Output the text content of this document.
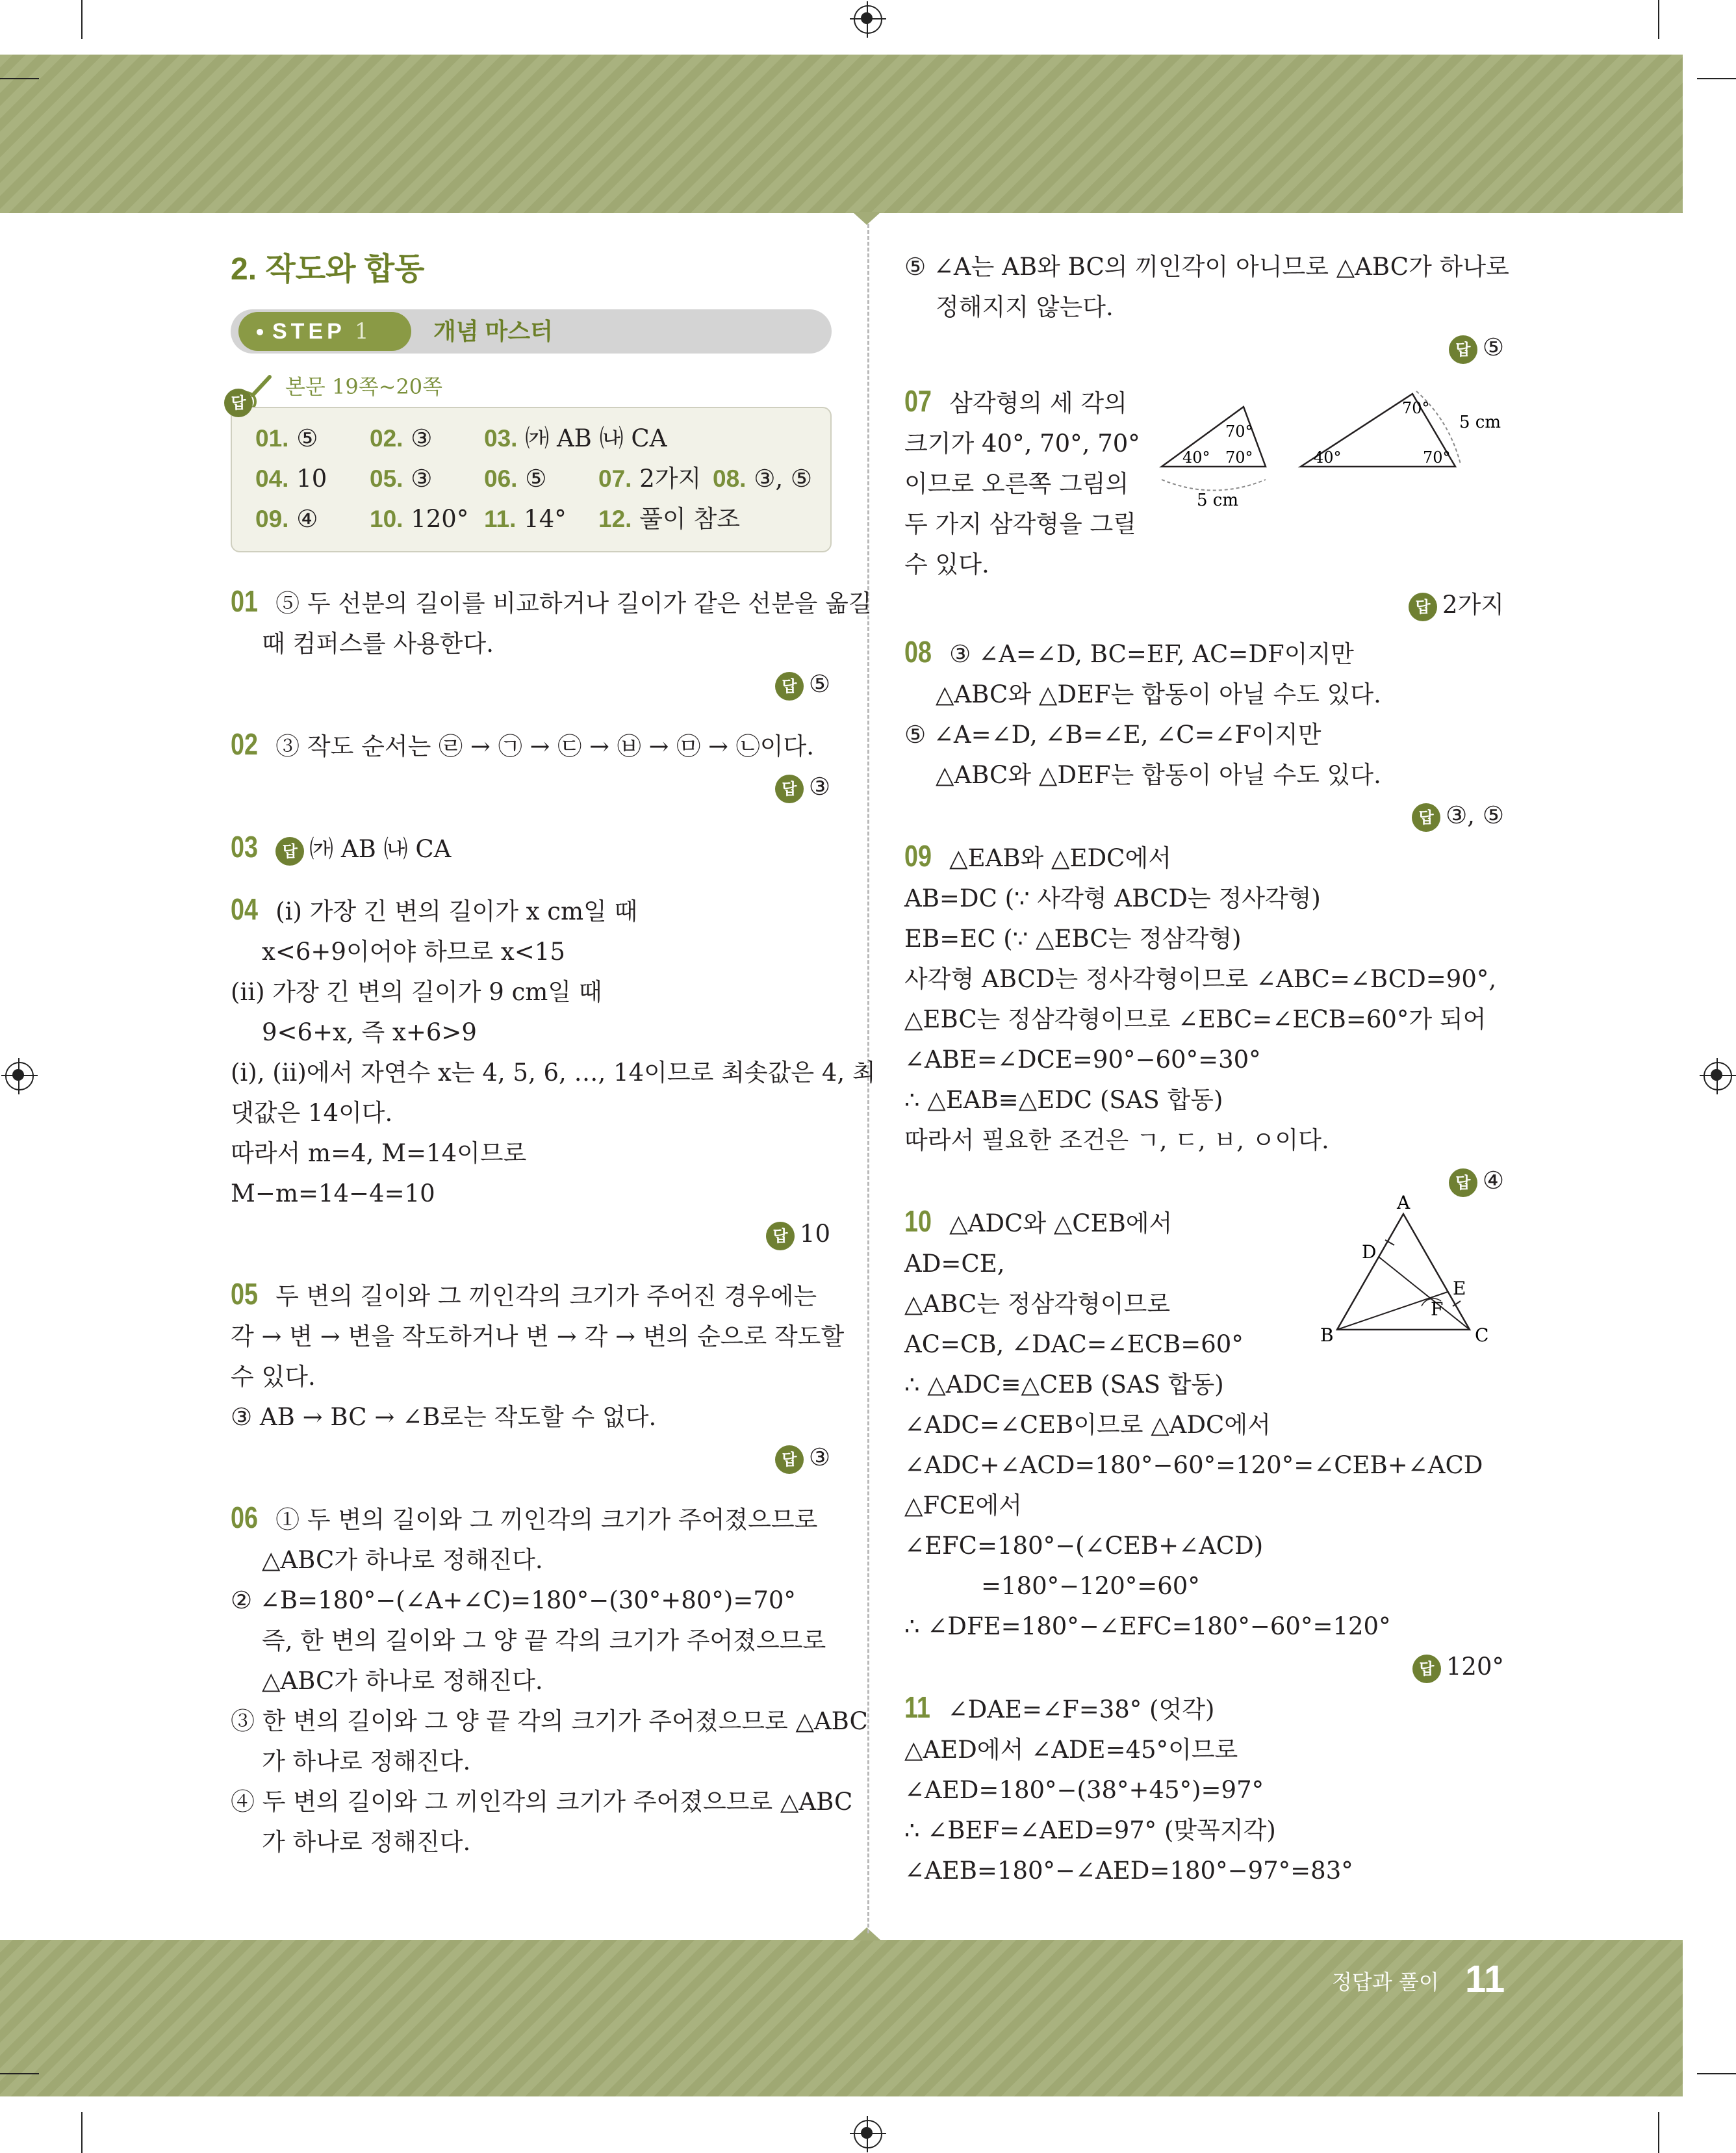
2. 작도와 합동
STEP 1	개념 마스터
본문 19쪽~20쪽
답
01. ⑤	02. ③	03. ㈎ AB ㈏ CA
04. 10	05. ③	06. ⑤	07. 2가지 08. ③, ⑤
09. ④	10. 120° 11. 14°	12. 풀이 참조
01 ⑤ 두 선분의 길이를 비교하거나 길이가 같은 선분을 옮길
때 컴퍼스를 사용한다.
답 ⑤
02 ③ 작도 순서는 ㉣ → ㉠ → ㉢ → ㉥ → ㉤ → ㉡이다.
답 ③
03 답 ㈎ AB ㈏ CA
04 (ⅰ) 가장 긴 변의 길이가 x cm일 때
x<6+9이어야 하므로 x<15
(ⅱ) 가장 긴 변의 길이가 9 cm일 때
9<6+x, 즉 x+6>9
(ⅰ), (ⅱ)에서 자연수 x는 4, 5, 6, …, 14이므로 최솟값은 4, 최
댓값은 14이다.
따라서 m=4, M=14이므로
M−m=14−4=10
답 10
05 두 변의 길이와 그 끼인각의 크기가 주어진 경우에는
각 → 변 → 변을 작도하거나 변 → 각 → 변의 순으로 작도할
수 있다.
③ AB → BC → ∠B로는 작도할 수 없다.
답 ③
06 ① 두 변의 길이와 그 끼인각의 크기가 주어졌으므로
△ABC가 하나로 정해진다.
② ∠B=180°−(∠A+∠C)=180°−(30°+80°)=70°
즉, 한 변의 길이와 그 양 끝 각의 크기가 주어졌으므로
△ABC가 하나로 정해진다.
③ 한 변의 길이와 그 양 끝 각의 크기가 주어졌으므로 △ABC
가 하나로 정해진다.
④ 두 변의 길이와 그 끼인각의 크기가 주어졌으므로 △ABC
가 하나로 정해진다.
⑤ ∠A는 AB와 BC의 끼인각이 아니므로 △ABC가 하나로
정해지지 않는다.
답 ⑤
07 삼각형의 세 각의
크기가 40°, 70°, 70°
이므로 오른쪽 그림의
두 가지 삼각형을 그릴
수 있다.
40° 70°
70°
5 cm
40°	70°
70°
5 cm
답 2가지
08 ③ ∠A=∠D, BC=EF, AC=DF이지만
△ABC와 △DEF는 합동이 아닐 수도 있다.
⑤ ∠A=∠D, ∠B=∠E, ∠C=∠F이지만
△ABC와 △DEF는 합동이 아닐 수도 있다.
답 ③, ⑤
09 △EAB와 △EDC에서
AB=DC (∵ 사각형 ABCD는 정사각형)
EB=EC (∵ △EBC는 정삼각형)
사각형 ABCD는 정사각형이므로 ∠ABC=∠BCD=90°,
△EBC는 정삼각형이므로 ∠EBC=∠ECB=60°가 되어
∠ABE=∠DCE=90°−60°=30°
∴ △EAB≡△EDC (SAS 합동)
따라서 필요한 조건은 ㄱ, ㄷ, ㅂ, ㅇ이다.
답 ④
10 △ADC와 △CEB에서
AD=CE,
△ABC는 정삼각형이므로
AC=CB, ∠DAC=∠ECB=60°
∴ △ADC≡△CEB (SAS 합동)
∠ADC=∠CEB이므로 △ADC에서
∠ADC+∠ACD=180°−60°=120°=∠CEB+∠ACD
△FCE에서
∠EFC=180°−(∠CEB+∠ACD)
=180°−120°=60°
∴ ∠DFE=180°−∠EFC=180°−60°=120°
A
B	C
D
E
F
답 120°
11 ∠DAE=∠F=38° (엇각)
△AED에서 ∠ADE=45°이므로
∠AED=180°−(38°+45°)=97°
∴ ∠BEF=∠AED=97° (맞꼭지각)
∠AEB=180°−∠AED=180°−97°=83°
정답과 풀이 11
